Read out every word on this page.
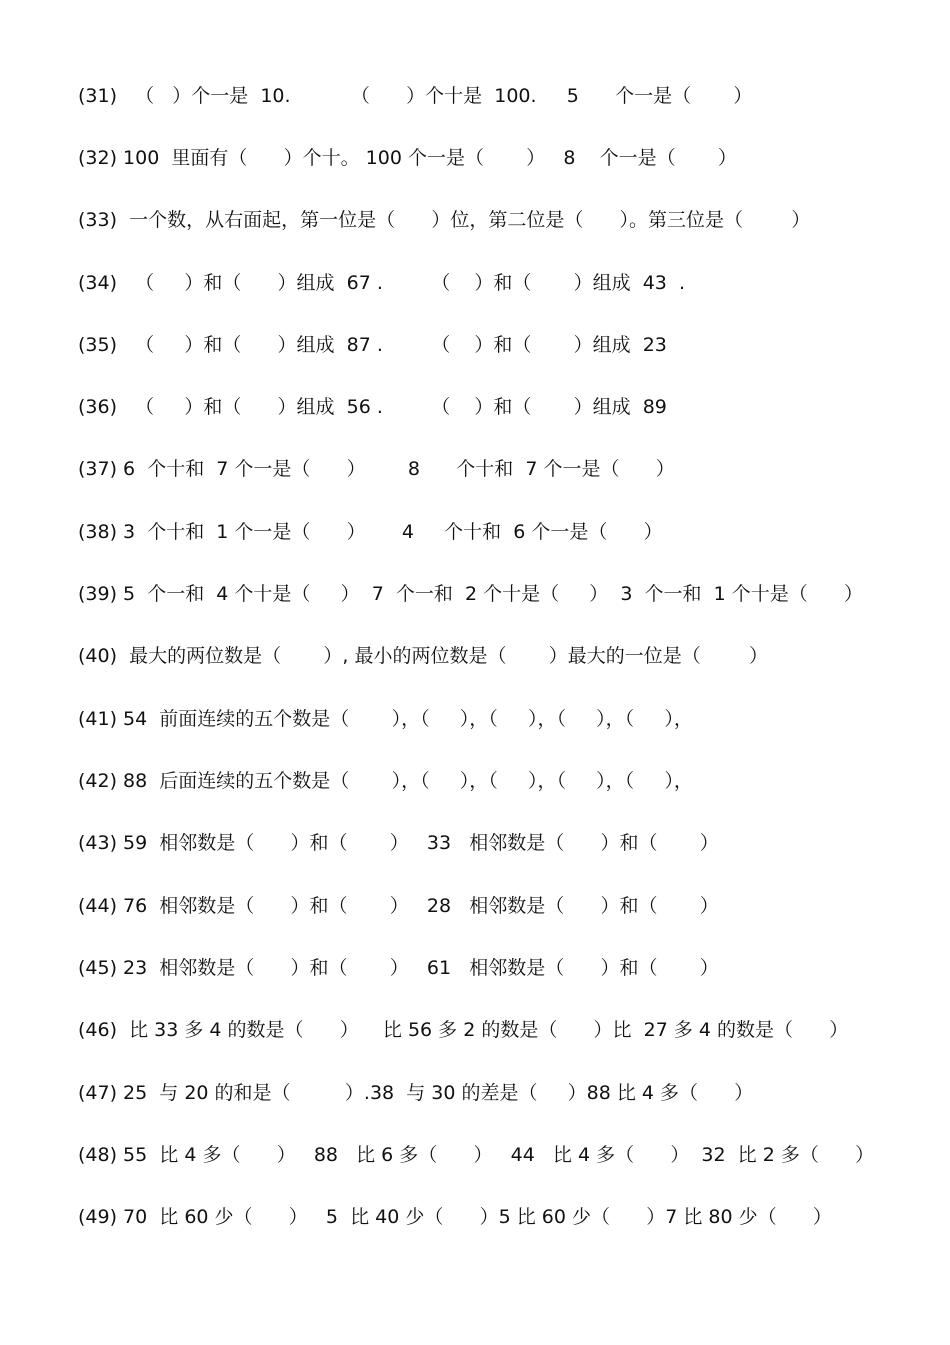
(31)   （   ）个一是  10.          （      ）个十是  100.     5      个一是（       ）
(32) 100  里面有（      ）个十。 100 个一是（       ）   8    个一是（       ）
(33)  一个数，从右面起，第一位是（      ）位，第二位是（      ）。第三位是（        ）
(34)   （     ）和（      ）组成  67 .        （    ）和（       ）组成  43  .
(35)   （     ）和（      ）组成  87 .        （    ）和（       ）组成  23
(36)   （     ）和（      ）组成  56 .        （    ）和（       ）组成  89
(37) 6  个十和  7 个一是（      ）       8      个十和  7 个一是（      ）
(38) 3  个十和  1 个一是（      ）      4     个十和  6 个一是（      ）
(39) 5  个一和  4 个十是（     ）  7  个一和  2 个十是（     ）  3  个一和  1 个十是（      ）
(40)  最大的两位数是（       ）, 最小的两位数是（       ）最大的一位是（        ）
(41) 54  前面连续的五个数是（       ），（     ），（     ），（     ），（     ），
(42) 88  后面连续的五个数是（       ），（     ），（     ），（     ），（     ），
(43) 59  相邻数是（      ）和（       ）   33   相邻数是（      ）和（       ）
(44) 76  相邻数是（      ）和（       ）   28   相邻数是（      ）和（       ）
(45) 23  相邻数是（      ）和（       ）   61   相邻数是（      ）和（       ）
(46)  比 33 多 4 的数是（      ）    比 56 多 2 的数是（      ）比  27 多 4 的数是（      ）
(47) 25  与 20 的和是（         ）.38  与 30 的差是（     ）88 比 4 多（      ）
(48) 55  比 4 多（      ）   88   比 6 多（      ）   44   比 4 多（      ）  32  比 2 多（      ）
(49) 70  比 60 少（      ）   5  比 40 少（      ）5 比 60 少（      ）7 比 80 少（      ）
